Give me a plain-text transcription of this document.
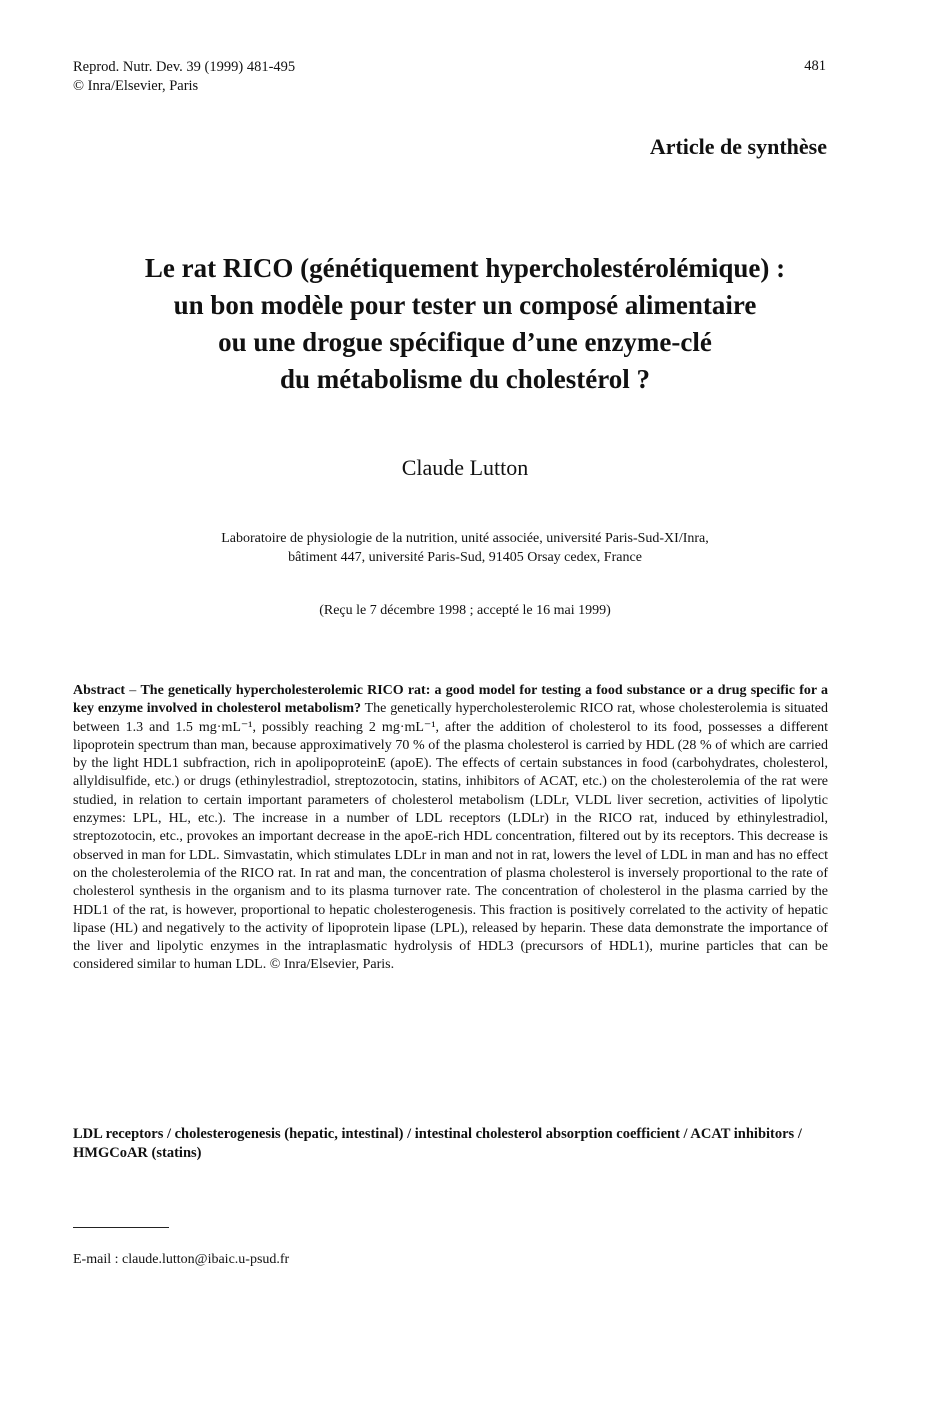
Reprod. Nutr. Dev. 39 (1999) 481-495
© Inra/Elsevier, Paris
481
Article de synthèse
Le rat RICO (génétiquement hypercholestérolémique) :
un bon modèle pour tester un composé alimentaire
ou une drogue spécifique d’une enzyme-clé
du métabolisme du cholestérol ?
Claude Lutton
Laboratoire de physiologie de la nutrition, unité associée, université Paris-Sud-XI/Inra,
bâtiment 447, université Paris-Sud, 91405 Orsay cedex, France
(Reçu le 7 décembre 1998 ; accepté le 16 mai 1999)
Abstract – The genetically hypercholesterolemic RICO rat: a good model for testing a food substance or a drug specific for a key enzyme involved in cholesterol metabolism? The genetically hypercholesterolemic RICO rat, whose cholesterolemia is situated between 1.3 and 1.5 mg·mL⁻¹, possibly reaching 2 mg·mL⁻¹, after the addition of cholesterol to its food, possesses a different lipoprotein spectrum than man, because approximatively 70 % of the plasma cholesterol is carried by HDL (28 % of which are carried by the light HDL1 subfraction, rich in apolipoproteinE (apoE). The effects of certain substances in food (carbohydrates, cholesterol, allyldisulfide, etc.) or drugs (ethinylestradiol, streptozotocin, statins, inhibitors of ACAT, etc.) on the cholesterolemia of the rat were studied, in relation to certain important parameters of cholesterol metabolism (LDLr, VLDL liver secretion, activities of lipolytic enzymes: LPL, HL, etc.). The increase in a number of LDL receptors (LDLr) in the RICO rat, induced by ethinylestradiol, streptozotocin, etc., provokes an important decrease in the apoE-rich HDL concentration, filtered out by its receptors. This decrease is observed in man for LDL. Simvastatin, which stimulates LDLr in man and not in rat, lowers the level of LDL in man and has no effect on the cholesterolemia of the RICO rat. In rat and man, the concentration of plasma cholesterol is inversely proportional to the rate of cholesterol synthesis in the organism and to its plasma turnover rate. The concentration of cholesterol in the plasma carried by the HDL1 of the rat, is however, proportional to hepatic cholesterogenesis. This fraction is positively correlated to the activity of hepatic lipase (HL) and negatively to the activity of lipoprotein lipase (LPL), released by heparin. These data demonstrate the importance of the liver and lipolytic enzymes in the intraplasmatic hydrolysis of HDL3 (precursors of HDL1), murine particles that can be considered similar to human LDL. © Inra/Elsevier, Paris.
LDL receptors / cholesterogenesis (hepatic, intestinal) / intestinal cholesterol absorption coefficient / ACAT inhibitors / HMGCoAR (statins)
E-mail : claude.lutton@ibaic.u-psud.fr
